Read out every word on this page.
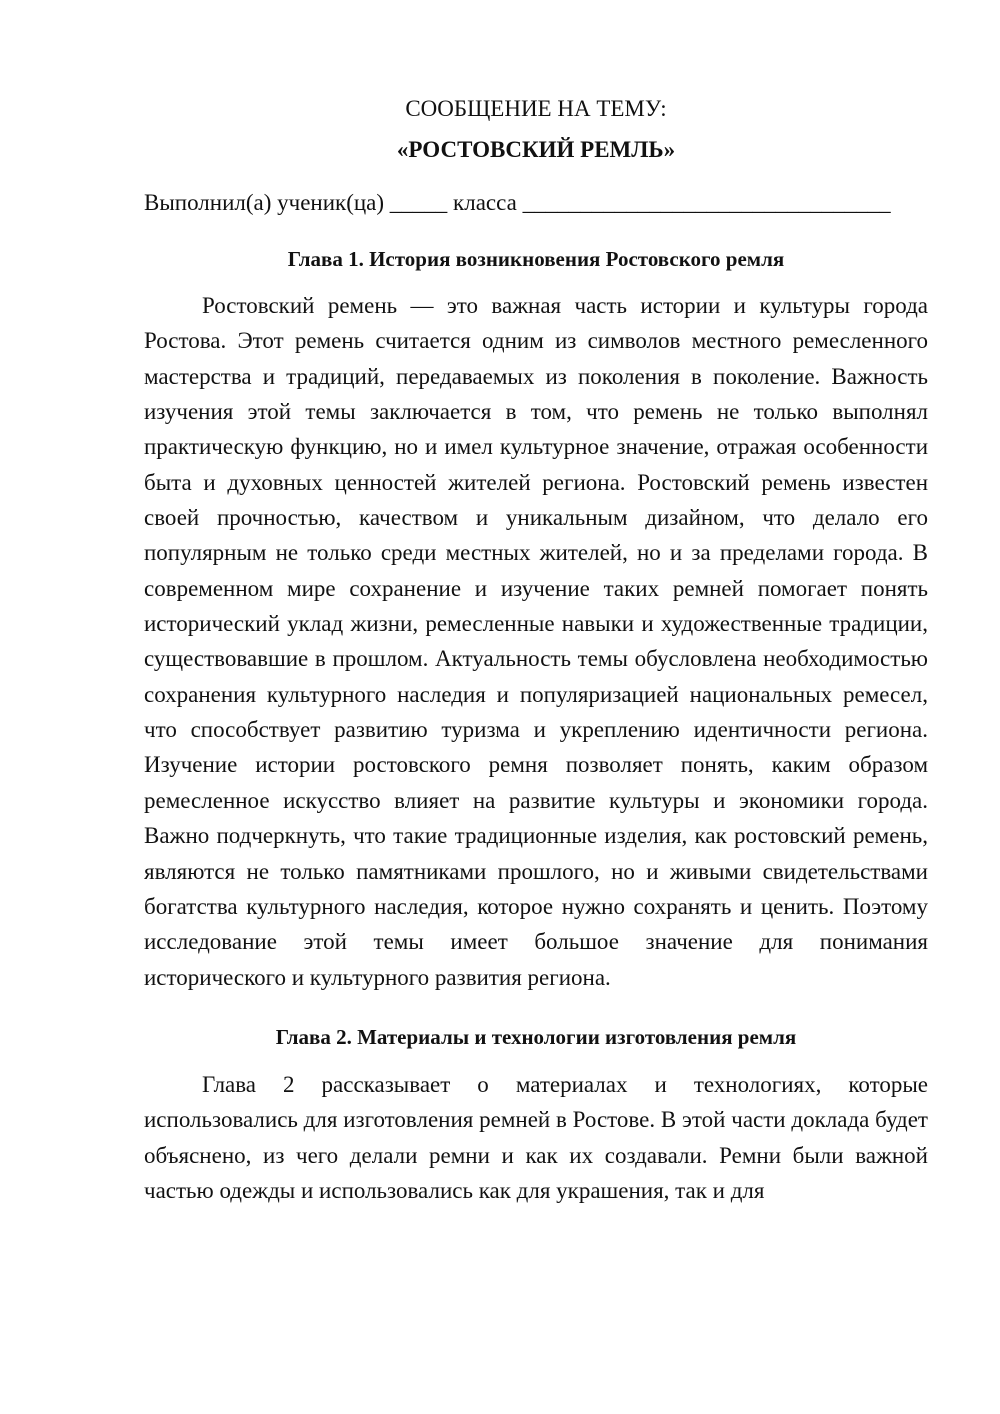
СООБЩЕНИЕ НА ТЕМУ:

«РОСТОВСКИЙ РЕМЛЬ»

Выполнил(а) ученик(ца) _____ класса ________________________________

Глава 1. История возникновения Ростовского ремля

Ростовский ремень — это важная часть истории и культуры города Ростова. Этот ремень считается одним из символов местного ремесленного мастерства и традиций, передаваемых из поколения в поколение. Важность изучения этой темы заключается в том, что ремень не только выполнял практическую функцию, но и имел культурное значение, отражая особенности быта и духовных ценностей жителей региона. Ростовский ремень известен своей прочностью, качеством и уникальным дизайном, что делало его популярным не только среди местных жителей, но и за пределами города. В современном мире сохранение и изучение таких ремней помогает понять исторический уклад жизни, ремесленные навыки и художественные традиции, существовавшие в прошлом. Актуальность темы обусловлена необходимостью сохранения культурного наследия и популяризацией национальных ремесел, что способствует развитию туризма и укреплению идентичности региона. Изучение истории ростовского ремня позволяет понять, каким образом ремесленное искусство влияет на развитие культуры и экономики города. Важно подчеркнуть, что такие традиционные изделия, как ростовский ремень, являются не только памятниками прошлого, но и живыми свидетельствами богатства культурного наследия, которое нужно сохранять и ценить. Поэтому исследование этой темы имеет большое значение для понимания исторического и культурного развития региона.

Глава 2. Материалы и технологии изготовления ремля

Глава 2 рассказывает о материалах и технологиях, которые использовались для изготовления ремней в Ростове. В этой части доклада будет объяснено, из чего делали ремни и как их создавали. Ремни были важной частью одежды и использовались как для украшения, так и для
